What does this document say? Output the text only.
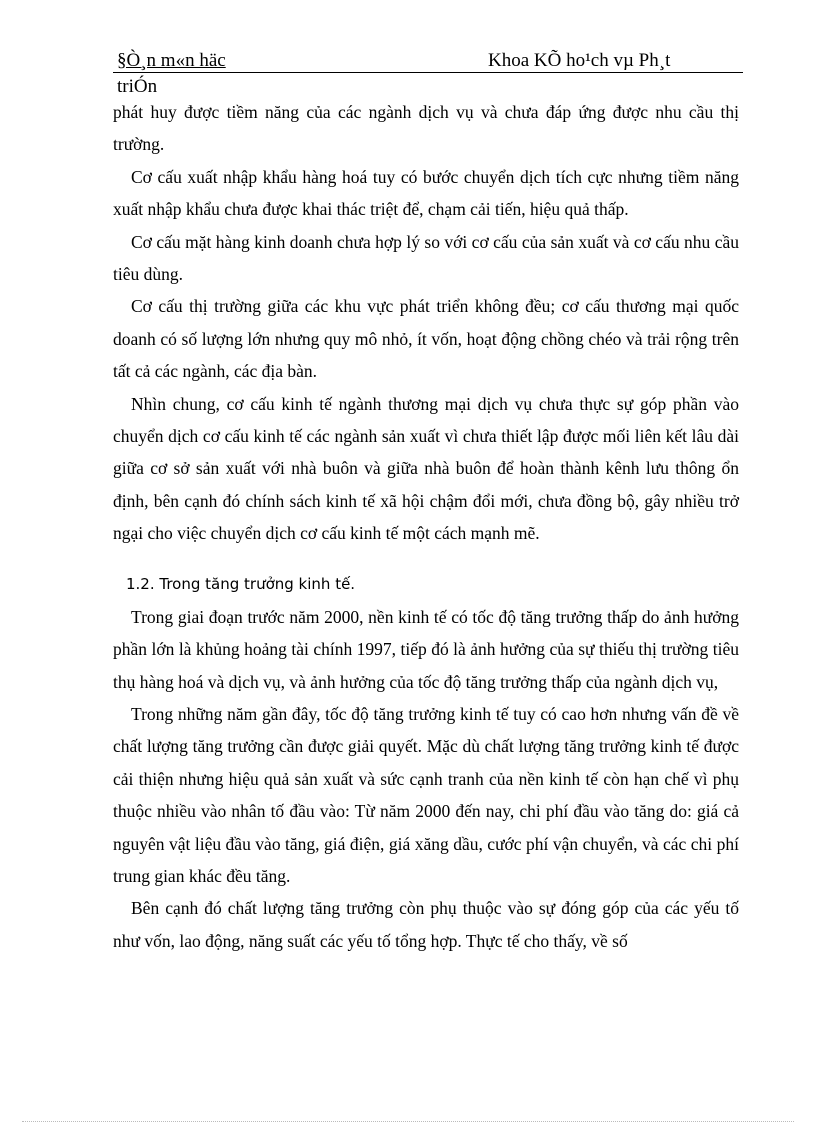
§Ò¸n m«n häc	Khoa KÕ ho¹ch vµ Ph¸t
triÓn

phát huy được tiềm năng của các ngành dịch vụ và chưa đáp ứng được nhu cầu thị trường.

Cơ cấu xuất nhập khẩu hàng hoá tuy có bước chuyển dịch tích cực nhưng tiềm năng xuất nhập khẩu chưa được khai thác triệt để, chạm cải tiến, hiệu quả thấp.

Cơ cấu mặt hàng kinh doanh chưa hợp lý so với cơ cấu của sản xuất và cơ cấu nhu cầu tiêu dùng.

Cơ cấu thị trường giữa các khu vực phát triển không đều; cơ cấu thương mại quốc doanh có số lượng lớn nhưng quy mô nhỏ, ít vốn, hoạt động chồng chéo và trải rộng trên tất cả các ngành, các địa bàn.

Nhìn chung, cơ cấu kinh tế ngành thương mại dịch vụ chưa thực sự góp phần vào chuyển dịch cơ cấu kinh tế các ngành sản xuất vì chưa thiết lập được mối liên kết lâu dài giữa cơ sở sản xuất với nhà buôn và giữa nhà buôn để hoàn thành kênh lưu thông ổn định, bên cạnh đó chính sách kinh tế xã hội chậm đổi mới, chưa đồng bộ, gây nhiều trở ngại cho việc chuyển dịch cơ cấu kinh tế một cách mạnh mẽ.

1.2. Trong tăng trưởng kinh tế.

Trong giai đoạn trước năm 2000, nền kinh tế có tốc độ tăng trưởng thấp do ảnh hưởng phần lớn là khủng hoảng tài chính 1997, tiếp đó là ảnh hưởng của sự thiếu thị trường tiêu thụ hàng hoá và dịch vụ, và ảnh hưởng của tốc độ tăng trưởng thấp của ngành dịch vụ,

Trong những năm gần đây, tốc độ tăng trưởng kinh tế tuy có cao hơn nhưng vấn đề về chất lượng tăng trưởng cần được giải quyết. Mặc dù chất lượng tăng trưởng kinh tế được cải thiện nhưng hiệu quả sản xuất và sức cạnh tranh của nền kinh tế còn hạn chế vì phụ thuộc nhiều vào nhân tố đầu vào: Từ năm 2000 đến nay, chi phí đầu vào tăng do: giá cả nguyên vật liệu đầu vào tăng, giá điện, giá xăng dầu, cước phí vận chuyển, và các chi phí trung gian khác đều tăng.

Bên cạnh đó chất lượng tăng trưởng còn phụ thuộc vào sự đóng góp của các yếu tố như vốn, lao động, năng suất các yếu tố tổng hợp. Thực tế cho thấy, về số
